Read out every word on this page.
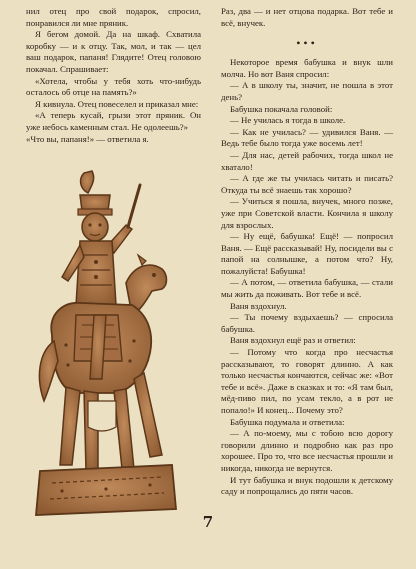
нил отец про свой подарок, спросил, понравился ли мне пряник.

Я бегом домой. Да на шкаф. Схватила коробку — и к отцу. Так, мол, и так — цел ваш подарок, папаня! Глядите! Отец головою покачал. Спрашивает:

«Хотела, чтобы у тебя хоть что-нибудь осталось об отце на память?»

Я кивнула. Отец повеселел и приказал мне:

«А теперь кусай, грызи этот пряник. Он уже небось каменным стал. Не одолеешь?»

«Что вы, папаня!» — ответила я.

Раз, два — и нет отцова подарка. Вот тебе и всё, внучек.

•••

Некоторое время бабушка и внук шли молча. Но вот Ваня спросил:

— А в школу ты, значит, не пошла в этот день?

Бабушка покачала головой:

— Не училась я тогда в школе.

— Как не училась? — удивился Ваня. — Ведь тебе было тогда уже восемь лет!

— Для нас, детей рабочих, тогда школ не хватало!

— А где же ты училась читать и писать? Откуда ты всё знаешь так хорошо?

— Учиться я пошла, внучек, много позже, уже при Советской власти. Кончила я школу для взрослых.

— Ну ещё, бабушка! Ещё! — попросил Ваня. — Ещё рассказывай! Ну, посидели вы с папой на солнышке, а потом что? Ну, пожалуйста! Бабушка!

— А потом, — ответила бабушка, — стали мы жить да поживать. Вот тебе и всё.

Ваня вздохнул.

— Ты почему вздыхаешь? — спросила бабушка.

Ваня вздохнул ещё раз и ответил:

— Потому что когда про несчастья рассказывают, то говорят длинно. А как только несчастья кончаются, сейчас же: «Вот тебе и всё». Даже в сказках и то: «Я там был, мёд-пиво пил, по усам текло, а в рот не попало!» И конец... Почему это?

Бабушка подумала и ответила:

— А по-моему, мы с тобою всю дорогу говорили длинно и подробно как раз про хорошее. Про то, что все несчастья прошли и никогда, никогда не вернутся.

И тут бабушка и внук подошли к детскому саду и попрощались до пяти часов.

7
